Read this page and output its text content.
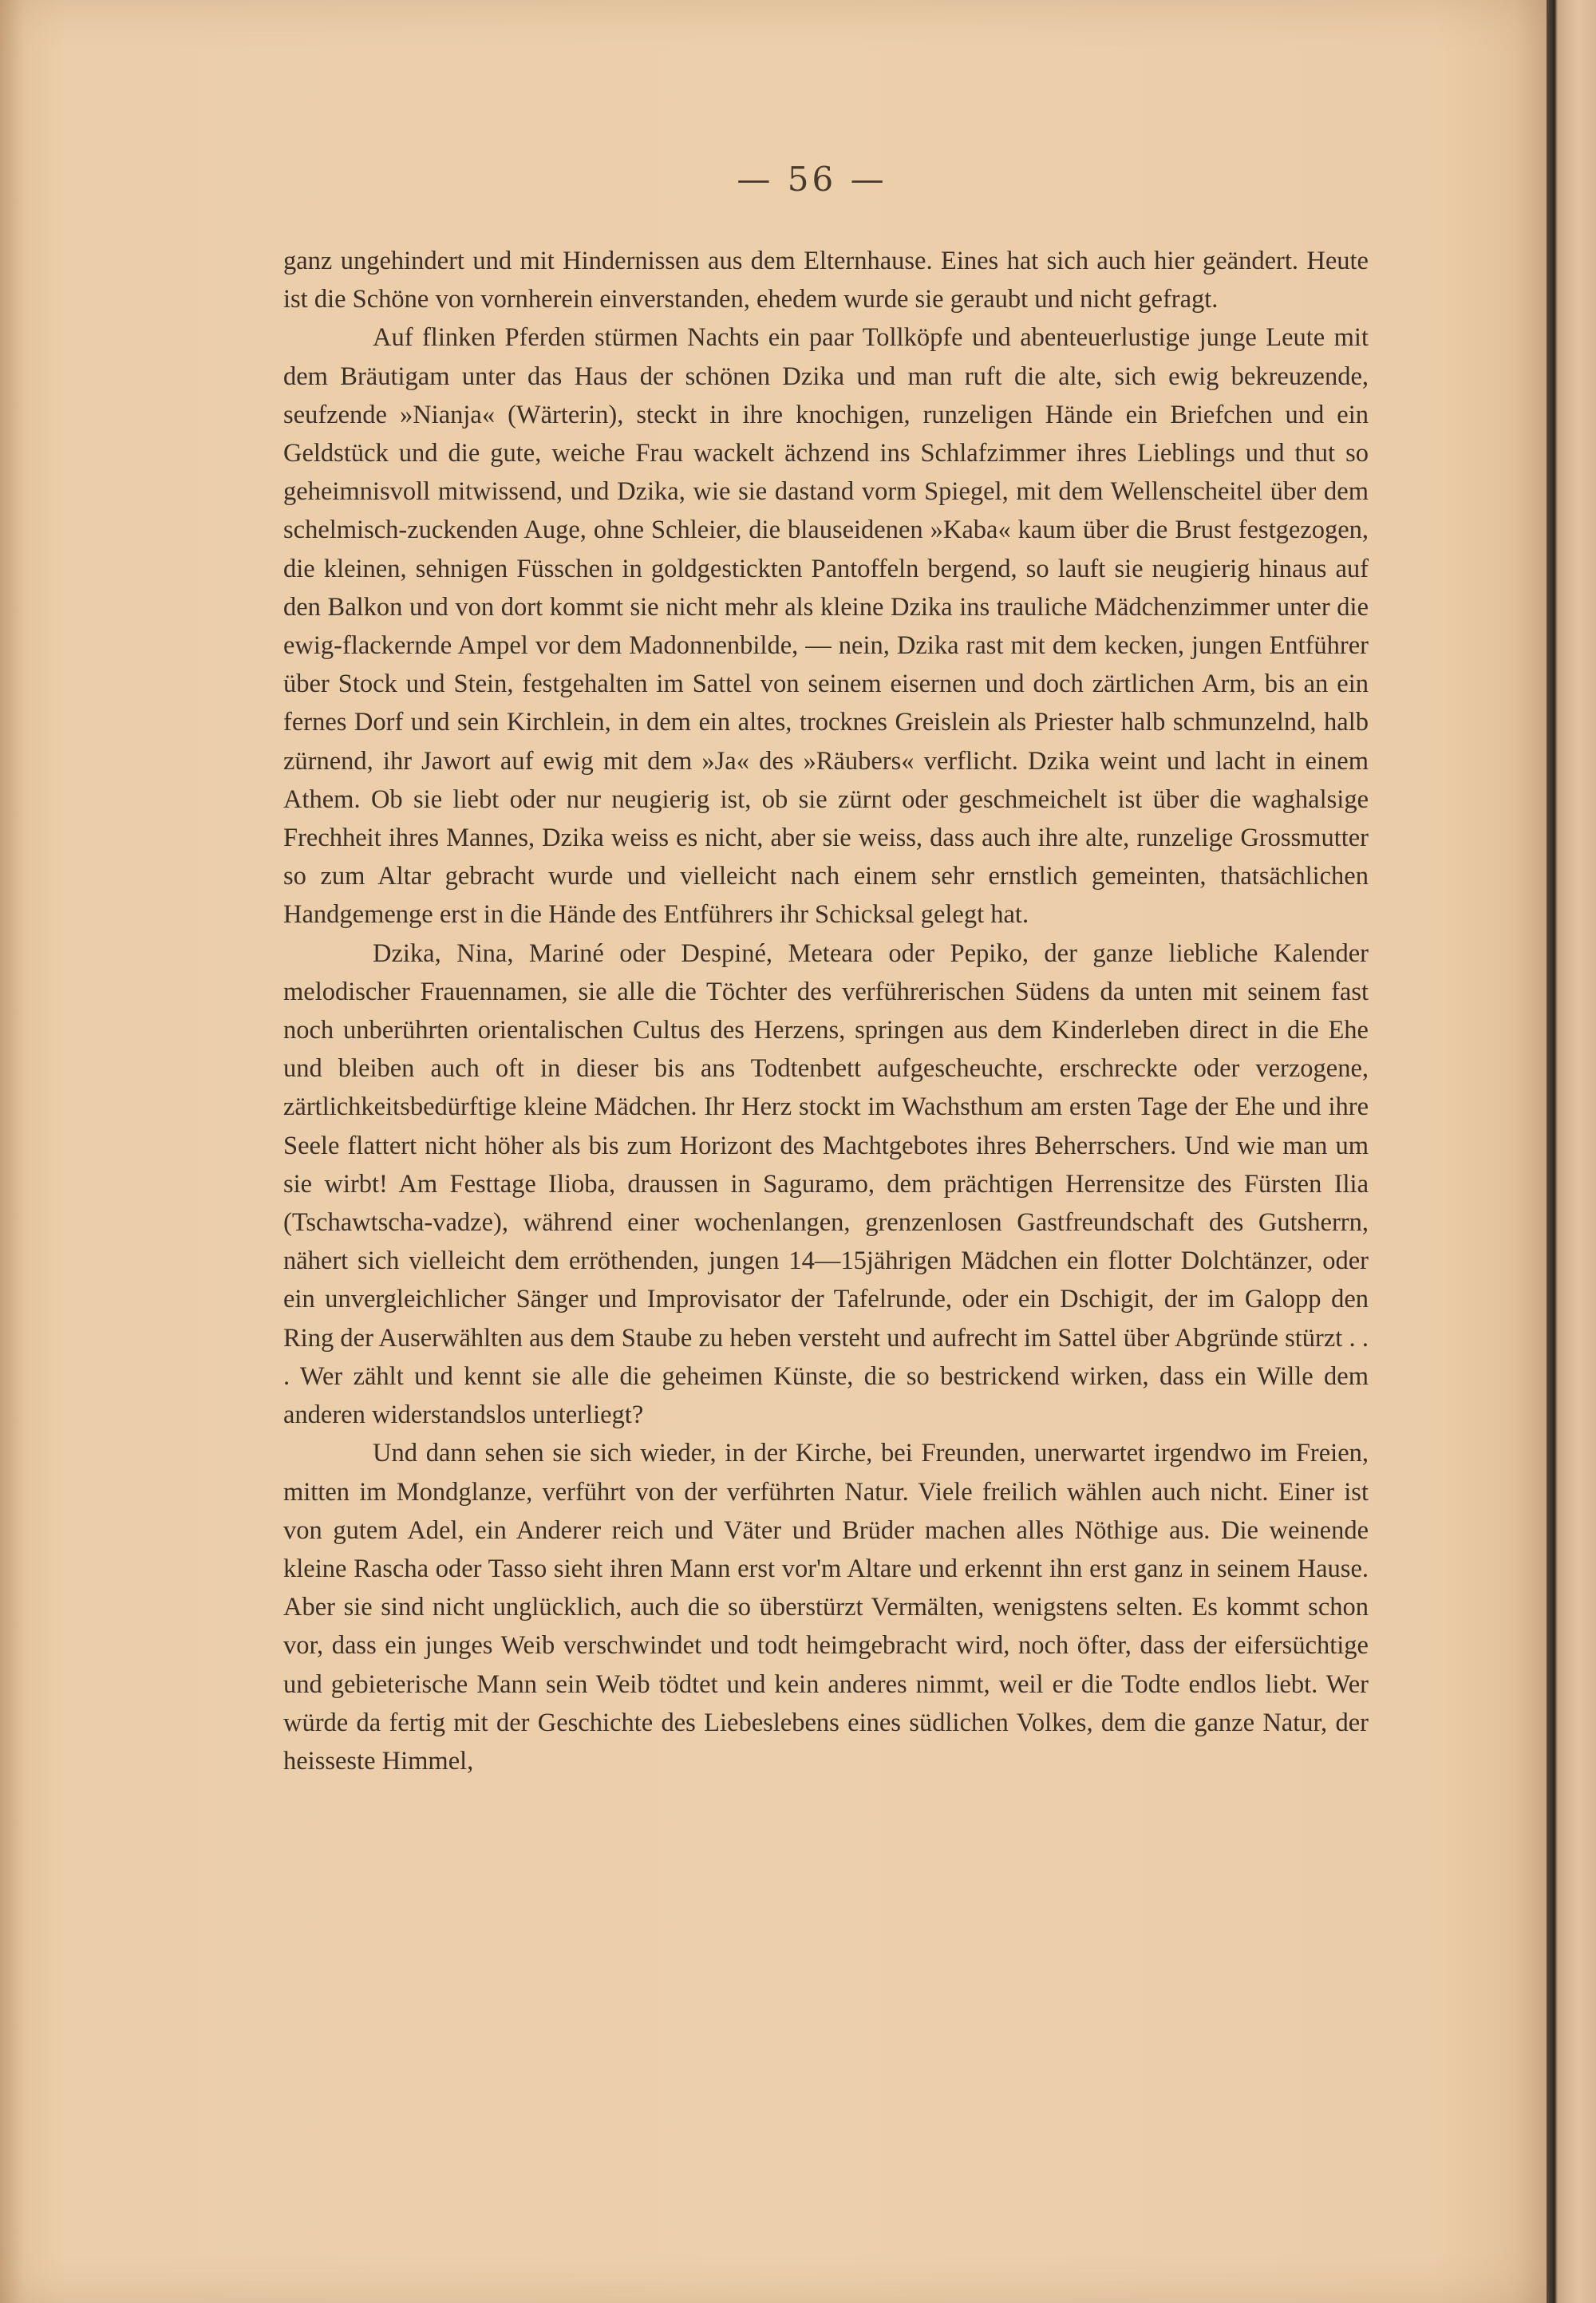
— 56 —

ganz ungehindert und mit Hindernissen aus dem Elternhause. Eines hat sich auch hier geändert. Heute ist die Schöne von vornherein einverstanden, ehedem wurde sie geraubt und nicht gefragt.

Auf flinken Pferden stürmen Nachts ein paar Tollköpfe und abenteuerlustige junge Leute mit dem Bräutigam unter das Haus der schönen Dzika und man ruft die alte, sich ewig bekreuzende, seufzende »Nianja« (Wärterin), steckt in ihre knochigen, runzeligen Hände ein Briefchen und ein Geldstück und die gute, weiche Frau wackelt ächzend ins Schlafzimmer ihres Lieblings und thut so geheimnisvoll mitwissend, und Dzika, wie sie dastand vorm Spiegel, mit dem Wellenscheitel über dem schelmisch-zuckenden Auge, ohne Schleier, die blauseidenen »Kaba« kaum über die Brust festgezogen, die kleinen, sehnigen Füsschen in goldgestickten Pantoffeln bergend, so lauft sie neugierig hinaus auf den Balkon und von dort kommt sie nicht mehr als kleine Dzika ins trauliche Mädchenzimmer unter die ewig-flackernde Ampel vor dem Madonnenbilde, — nein, Dzika rast mit dem kecken, jungen Entführer über Stock und Stein, festgehalten im Sattel von seinem eisernen und doch zärtlichen Arm, bis an ein fernes Dorf und sein Kirchlein, in dem ein altes, trocknes Greislein als Priester halb schmunzelnd, halb zürnend, ihr Jawort auf ewig mit dem »Ja« des »Räubers« verflicht. Dzika weint und lacht in einem Athem. Ob sie liebt oder nur neugierig ist, ob sie zürnt oder geschmeichelt ist über die waghalsige Frechheit ihres Mannes, Dzika weiss es nicht, aber sie weiss, dass auch ihre alte, runzelige Grossmutter so zum Altar gebracht wurde und vielleicht nach einem sehr ernstlich gemeinten, thatsächlichen Handgemenge erst in die Hände des Entführers ihr Schicksal gelegt hat.

Dzika, Nina, Mariné oder Despiné, Meteara oder Pepiko, der ganze liebliche Kalender melodischer Frauennamen, sie alle die Töchter des verführerischen Südens da unten mit seinem fast noch unberührten orientalischen Cultus des Herzens, springen aus dem Kinderleben direct in die Ehe und bleiben auch oft in dieser bis ans Todtenbett aufgescheuchte, erschreckte oder verzogene, zärtlichkeitsbedürftige kleine Mädchen. Ihr Herz stockt im Wachsthum am ersten Tage der Ehe und ihre Seele flattert nicht höher als bis zum Horizont des Machtgebotes ihres Beherrschers. Und wie man um sie wirbt! Am Festtage Ilioba, draussen in Saguramo, dem prächtigen Herrensitze des Fürsten Ilia (Tschawtscha-vadze), während einer wochenlangen, grenzenlosen Gastfreundschaft des Gutsherrn, nähert sich vielleicht dem erröthenden, jungen 14—15jährigen Mädchen ein flotter Dolchtänzer, oder ein unvergleichlicher Sänger und Improvisator der Tafelrunde, oder ein Dschigit, der im Galopp den Ring der Auserwählten aus dem Staube zu heben versteht und aufrecht im Sattel über Abgründe stürzt . . . Wer zählt und kennt sie alle die geheimen Künste, die so bestrickend wirken, dass ein Wille dem anderen widerstandslos unterliegt?

Und dann sehen sie sich wieder, in der Kirche, bei Freunden, unerwartet irgendwo im Freien, mitten im Mondglanze, verführt von der verführten Natur. Viele freilich wählen auch nicht. Einer ist von gutem Adel, ein Anderer reich und Väter und Brüder machen alles Nöthige aus. Die weinende kleine Rascha oder Tasso sieht ihren Mann erst vor'm Altare und erkennt ihn erst ganz in seinem Hause. Aber sie sind nicht unglücklich, auch die so überstürzt Vermälten, wenigstens selten. Es kommt schon vor, dass ein junges Weib verschwindet und todt heimgebracht wird, noch öfter, dass der eifersüchtige und gebieterische Mann sein Weib tödtet und kein anderes nimmt, weil er die Todte endlos liebt. Wer würde da fertig mit der Geschichte des Liebeslebens eines südlichen Volkes, dem die ganze Natur, der heisseste Himmel,
